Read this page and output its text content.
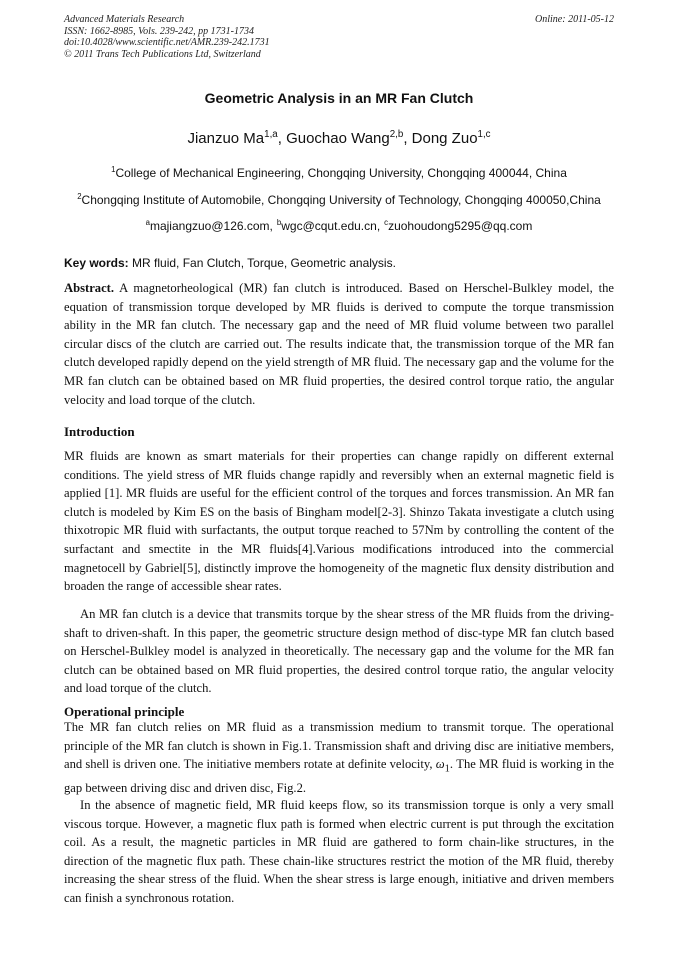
Advanced Materials Research
ISSN: 1662-8985, Vols. 239-242, pp 1731-1734
doi:10.4028/www.scientific.net/AMR.239-242.1731
© 2011 Trans Tech Publications Ltd, Switzerland
Online: 2011-05-12
Geometric Analysis in an MR Fan Clutch
Jianzuo Ma$^{1,a}$, Guochao Wang$^{2,b}$, Dong Zuo$^{1,c}$
$^1$College of Mechanical Engineering, Chongqing University, Chongqing 400044, China
$^2$Chongqing Institute of Automobile, Chongqing University of Technology, Chongqing 400050,China
$^a$majiangzuo@126.com, $^b$wgc@cqut.edu.cn, $^c$zuohoudong5295@qq.com
Key words: MR fluid, Fan Clutch, Torque, Geometric analysis.

Abstract. A magnetorheological (MR) fan clutch is introduced. Based on Herschel-Bulkley model, the equation of transmission torque developed by MR fluids is derived to compute the torque transmission ability in the MR fan clutch. The necessary gap and the need of MR fluid volume between two parallel circular discs of the clutch are carried out. The results indicate that, the transmission torque of the MR fan clutch developed rapidly depend on the yield strength of MR fluid. The necessary gap and the volume for the MR fan clutch can be obtained based on MR fluid properties, the desired control torque ratio, the angular velocity and load torque of the clutch.

Introduction

MR fluids are known as smart materials for their properties can change rapidly on different external conditions. The yield stress of MR fluids change rapidly and reversibly when an external magnetic field is applied [1]. MR fluids are useful for the efficient control of the torques and forces transmission. An MR fan clutch is modeled by Kim ES on the basis of Bingham model[2-3]. Shinzo Takata investigate a clutch using thixotropic MR fluid with surfactants, the output torque reached to 57Nm by controlling the content of the surfactant and smectite in the MR fluids[4].Various modifications introduced into the commercial magnetocell by Gabriel[5], distinctly improve the homogeneity of the magnetic flux density distribution and broaden the range of accessible shear rates.

An MR fan clutch is a device that transmits torque by the shear stress of the MR fluids from the driving-shaft to driven-shaft. In this paper, the geometric structure design method of disc-type MR fan clutch based on Herschel-Bulkley model is analyzed in theoretically. The necessary gap and the volume for the MR fan clutch can be obtained based on MR fluid properties, the desired control torque ratio, the angular velocity and load torque of the clutch.

Operational principle

The MR fan clutch relies on MR fluid as a transmission medium to transmit torque. The operational principle of the MR fan clutch is shown in Fig.1. Transmission shaft and driving disc are initiative members, and shell is driven one. The initiative members rotate at definite velocity, $\omega_1$. The MR fluid is working in the gap between driving disc and driven disc, Fig.2.

In the absence of magnetic field, MR fluid keeps flow, so its transmission torque is only a very small viscous torque. However, a magnetic flux path is formed when electric current is put through the excitation coil. As a result, the magnetic particles in MR fluid are gathered to form chain-like structures, in the direction of the magnetic flux path. These chain-like structures restrict the motion of the MR fluid, thereby increasing the shear stress of the fluid. When the shear stress is large enough, initiative and driven members can finish a synchronous rotation.
